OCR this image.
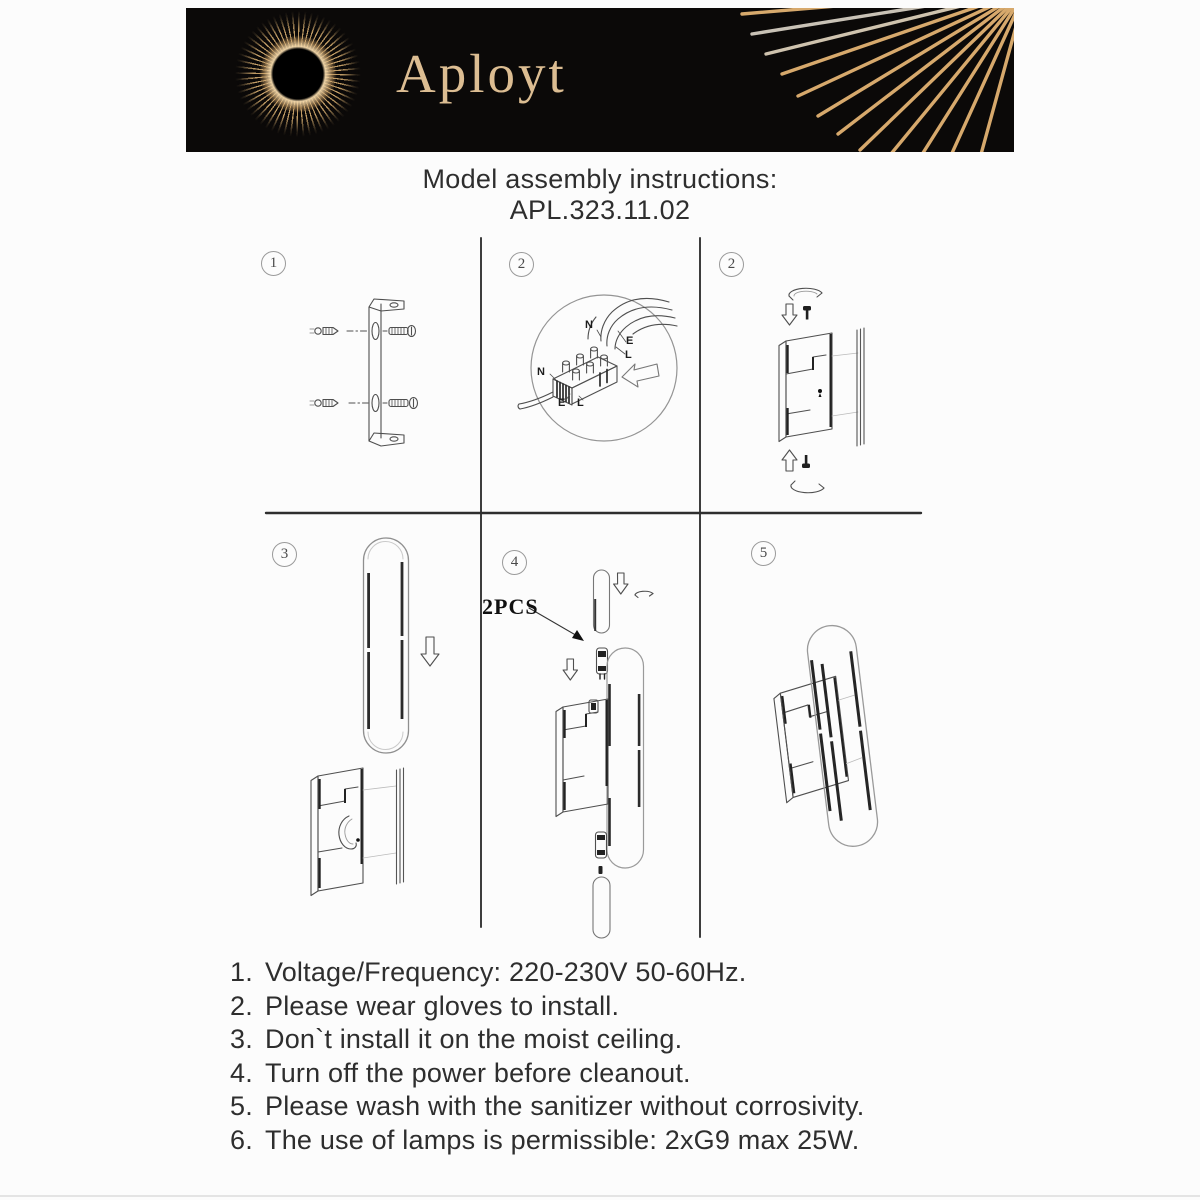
Aployt
Model assembly instructions:
APL.323.11.02
1	2	2
3	4
5
N
E
L
N
E L
2PCS
1. Voltage/Frequency: 220-230V 50-60Hz.
2. Please wear gloves to install.
3. Don`t install it on the moist ceiling.
4. Turn off the power before cleanout.
5. Please wash with the sanitizer without corrosivity.
6. The use of lamps is permissible: 2xG9 max 25W.
